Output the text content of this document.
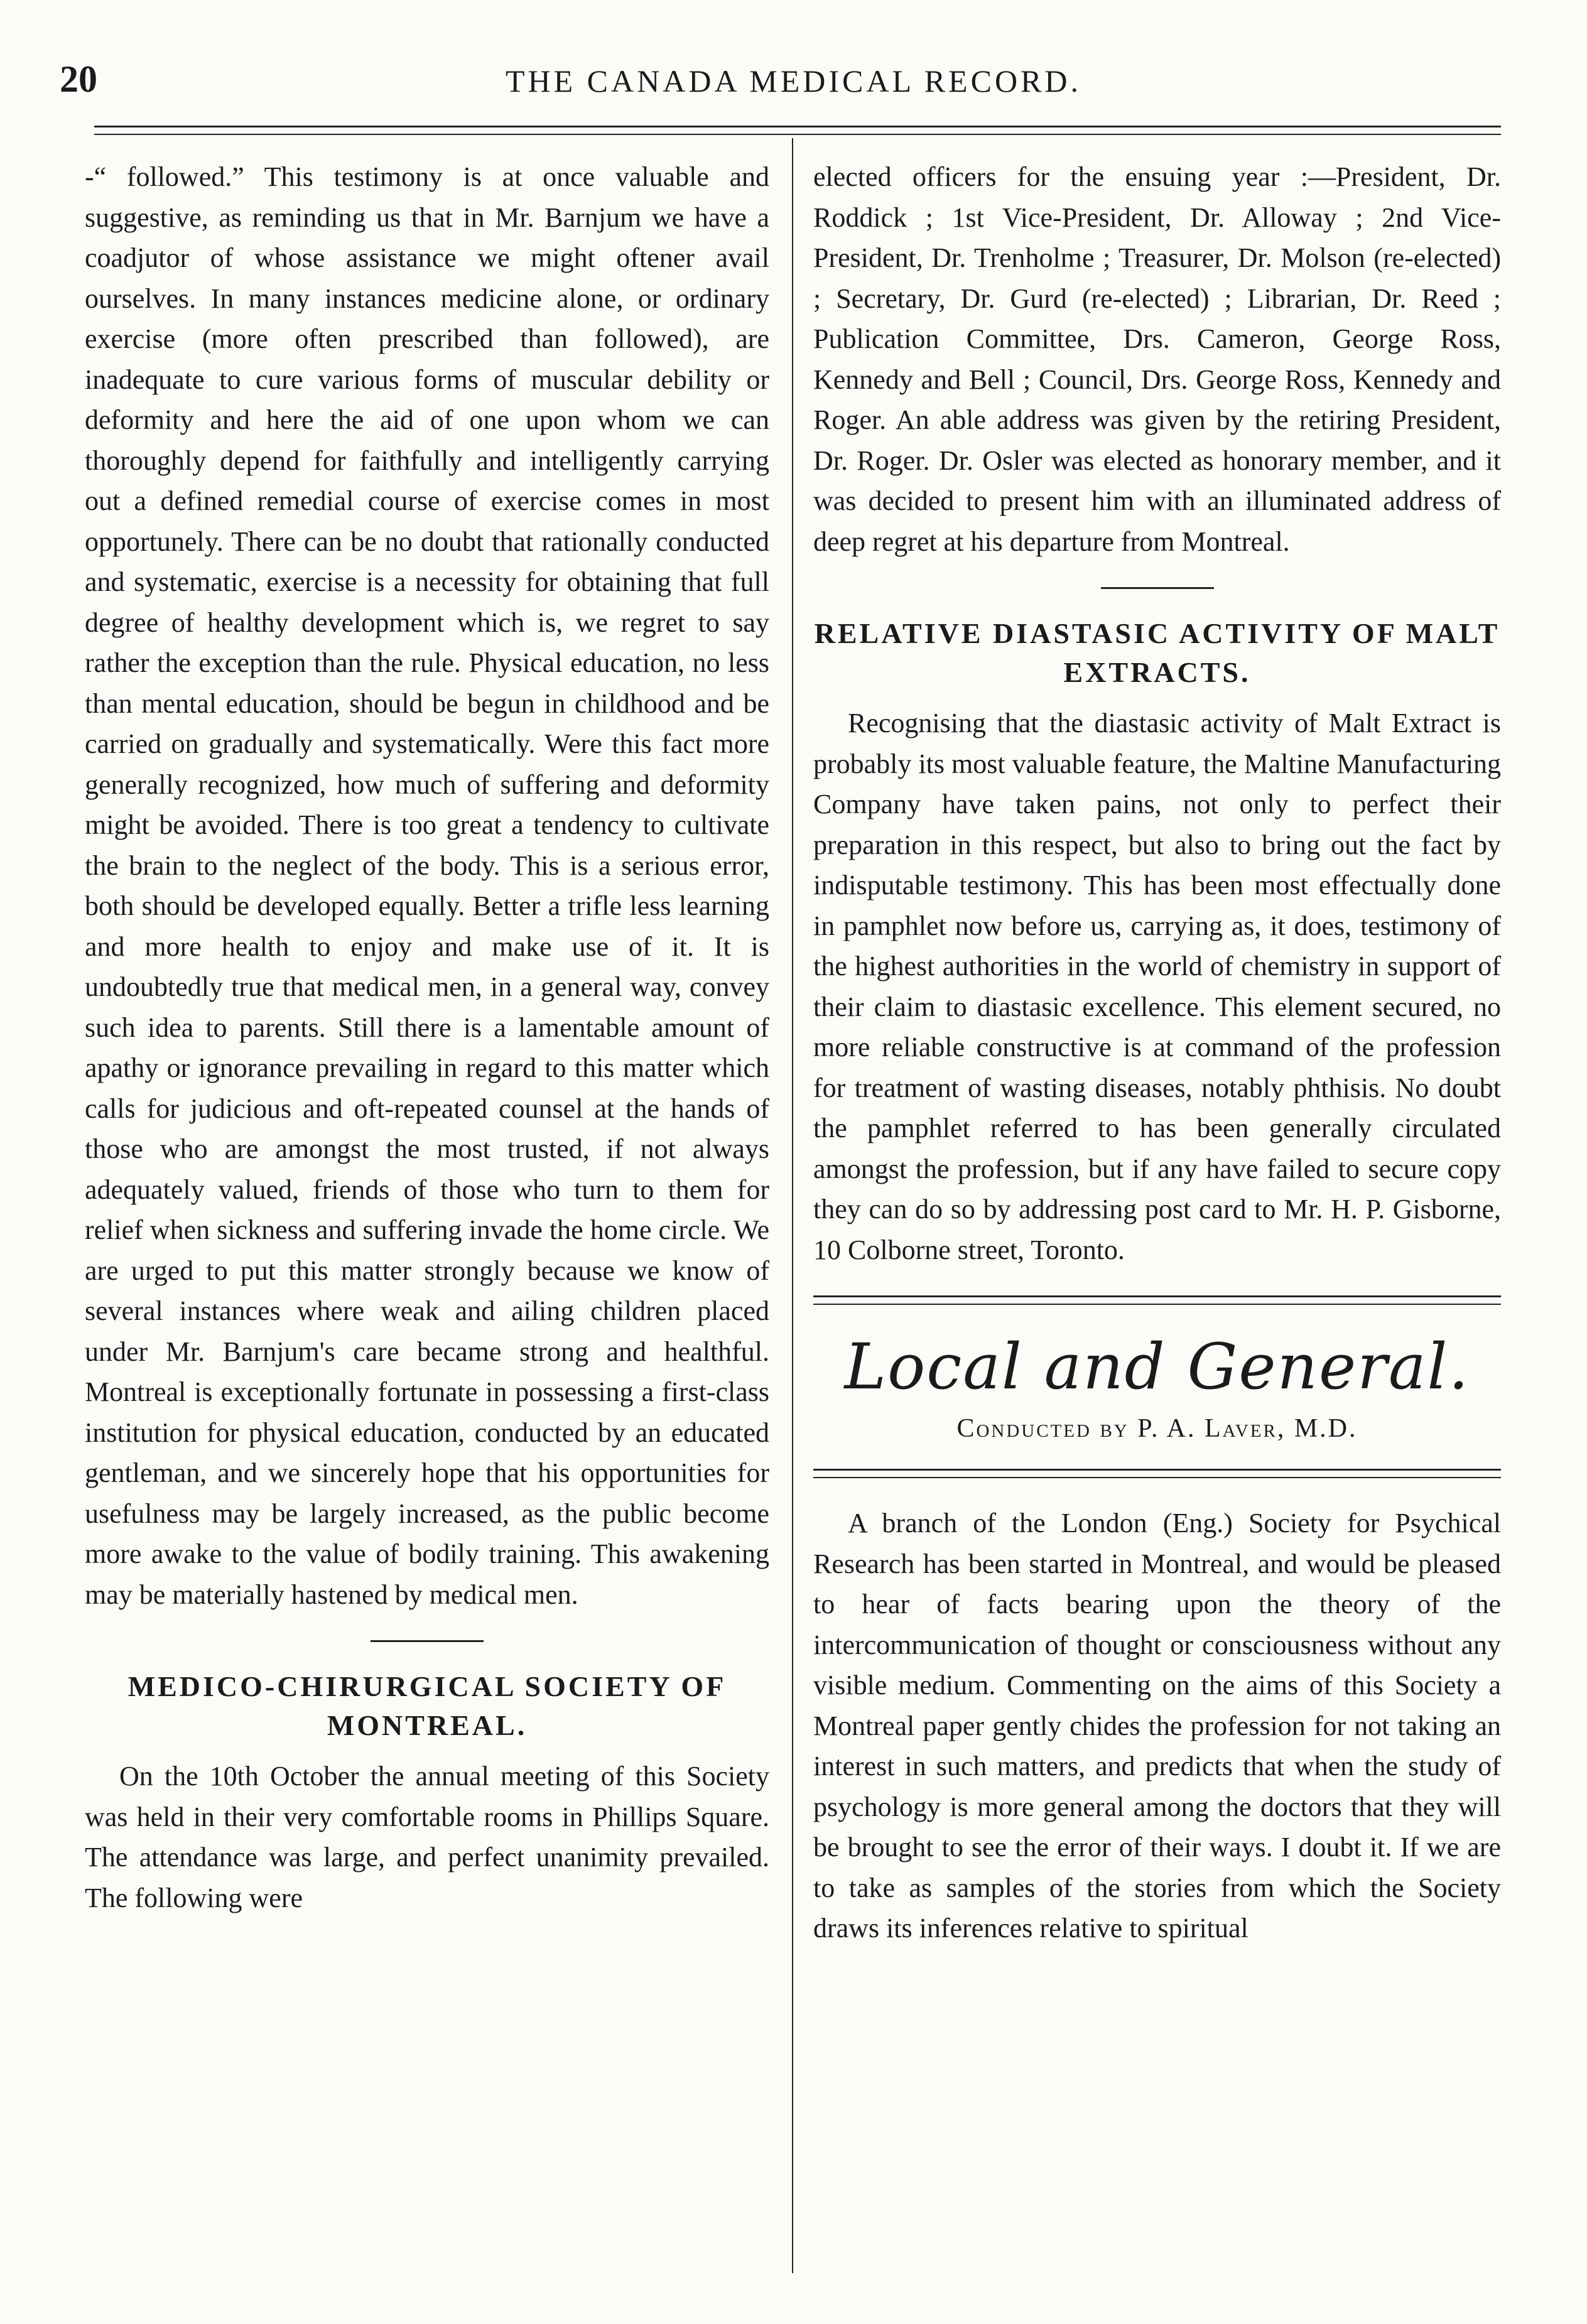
20	THE CANADA MEDICAL RECORD.

-“ followed.” This testimony is at once valuable and suggestive, as reminding us that in Mr. Barnjum we have a coadjutor of whose assistance we might oftener avail ourselves. In many instances medicine alone, or ordinary exercise (more often prescribed than followed), are inadequate to cure various forms of muscular debility or deformity and here the aid of one upon whom we can thoroughly depend for faithfully and intelligently carrying out a defined remedial course of exercise comes in most opportunely. There can be no doubt that rationally conducted and systematic, exercise is a necessity for obtaining that full degree of healthy development which is, we regret to say rather the exception than the rule. Physical education, no less than mental education, should be begun in childhood and be carried on gradually and systematically. Were this fact more generally recognized, how much of suffering and deformity might be avoided. There is too great a tendency to cultivate the brain to the neglect of the body. This is a serious error, both should be developed equally. Better a trifle less learning and more health to enjoy and make use of it. It is undoubtedly true that medical men, in a general way, convey such idea to parents. Still there is a lamentable amount of apathy or ignorance prevailing in regard to this matter which calls for judicious and oft-repeated counsel at the hands of those who are amongst the most trusted, if not always adequately valued, friends of those who turn to them for relief when sickness and suffering invade the home circle. We are urged to put this matter strongly because we know of several instances where weak and ailing children placed under Mr. Barnjum's care became strong and healthful. Montreal is exceptionally fortunate in possessing a first-class institution for physical education, conducted by an educated gentleman, and we sincerely hope that his opportunities for usefulness may be largely increased, as the public become more awake to the value of bodily training. This awakening may be materially hastened by medical men.

MEDICO-CHIRURGICAL SOCIETY OF MONTREAL.

On the 10th October the annual meeting of this Society was held in their very comfortable rooms in Phillips Square. The attendance was large, and perfect unanimity prevailed. The following were

elected officers for the ensuing year :—President, Dr. Roddick ; 1st Vice-President, Dr. Alloway ; 2nd Vice-President, Dr. Trenholme ; Treasurer, Dr. Molson (re-elected) ; Secretary, Dr. Gurd (re-elected) ; Librarian, Dr. Reed ; Publication Committee, Drs. Cameron, George Ross, Kennedy and Bell ; Council, Drs. George Ross, Kennedy and Roger. An able address was given by the retiring President, Dr. Roger. Dr. Osler was elected as honorary member, and it was decided to present him with an illuminated address of deep regret at his departure from Montreal.

RELATIVE DIASTASIC ACTIVITY OF MALT EXTRACTS.

Recognising that the diastasic activity of Malt Extract is probably its most valuable feature, the Maltine Manufacturing Company have taken pains, not only to perfect their preparation in this respect, but also to bring out the fact by indisputable testimony. This has been most effectually done in pamphlet now before us, carrying as, it does, testimony of the highest authorities in the world of chemistry in support of their claim to diastasic excellence. This element secured, no more reliable constructive is at command of the profession for treatment of wasting diseases, notably phthisis. No doubt the pamphlet referred to has been generally circulated amongst the profession, but if any have failed to secure copy they can do so by addressing post card to Mr. H. P. Gisborne, 10 Colborne street, Toronto.

Local and General.
Conducted by P. A. Laver, M.D.

A branch of the London (Eng.) Society for Psychical Research has been started in Montreal, and would be pleased to hear of facts bearing upon the theory of the intercommunication of thought or consciousness without any visible medium. Commenting on the aims of this Society a Montreal paper gently chides the profession for not taking an interest in such matters, and predicts that when the study of psychology is more general among the doctors that they will be brought to see the error of their ways. I doubt it. If we are to take as samples of the stories from which the Society draws its inferences relative to spiritual
